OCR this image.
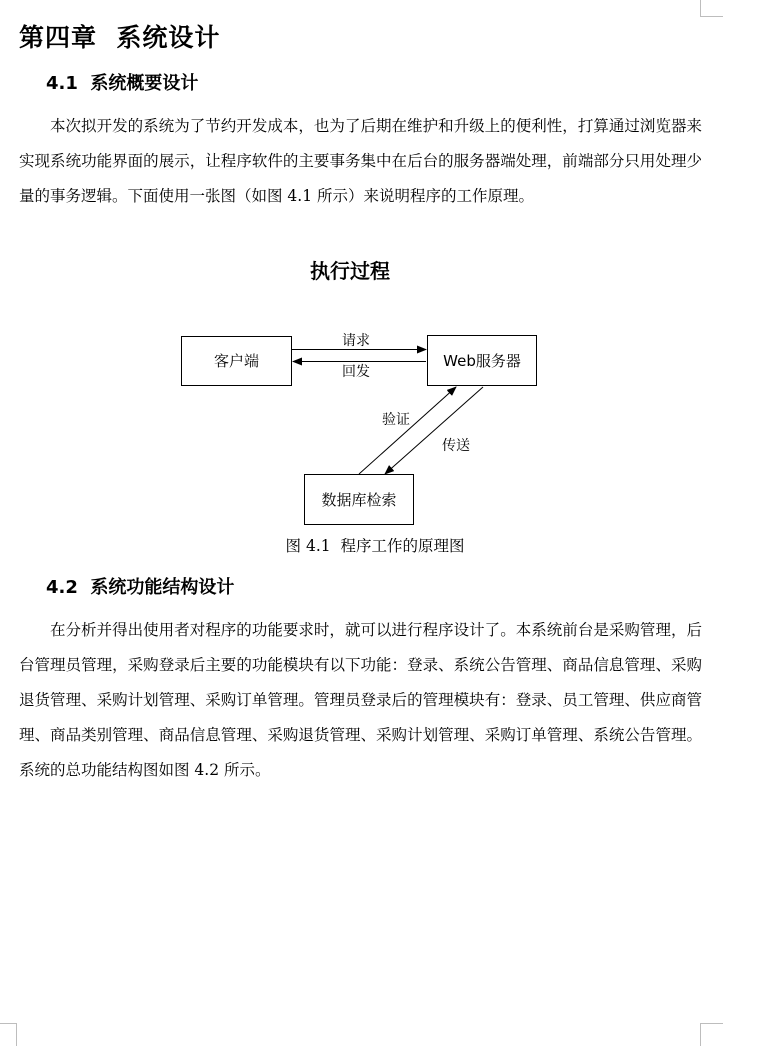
第四章  系统设计
4.1  系统概要设计

本次拟开发的系统为了节约开发成本，也为了后期在维护和升级上的便利性，打算通过浏览器来实现系统功能界面的展示，让程序软件的主要事务集中在后台的服务器端处理，前端部分只用处理少量的事务逻辑。下面使用一张图（如图 4.1 所示）来说明程序的工作原理。

执行过程
客户端	Web服务器
数据库检索
请求
回发
验证
传送
图 4.1  程序工作的原理图
4.2  系统功能结构设计

在分析并得出使用者对程序的功能要求时，就可以进行程序设计了。本系统前台是采购管理，后台管理员管理，采购登录后主要的功能模块有以下功能：登录、系统公告管理、商品信息管理、采购退货管理、采购计划管理、采购订单管理。管理员登录后的管理模块有：登录、员工管理、供应商管理、商品类别管理、商品信息管理、采购退货管理、采购计划管理、采购订单管理、系统公告管理。系统的总功能结构图如图 4.2 所示。
